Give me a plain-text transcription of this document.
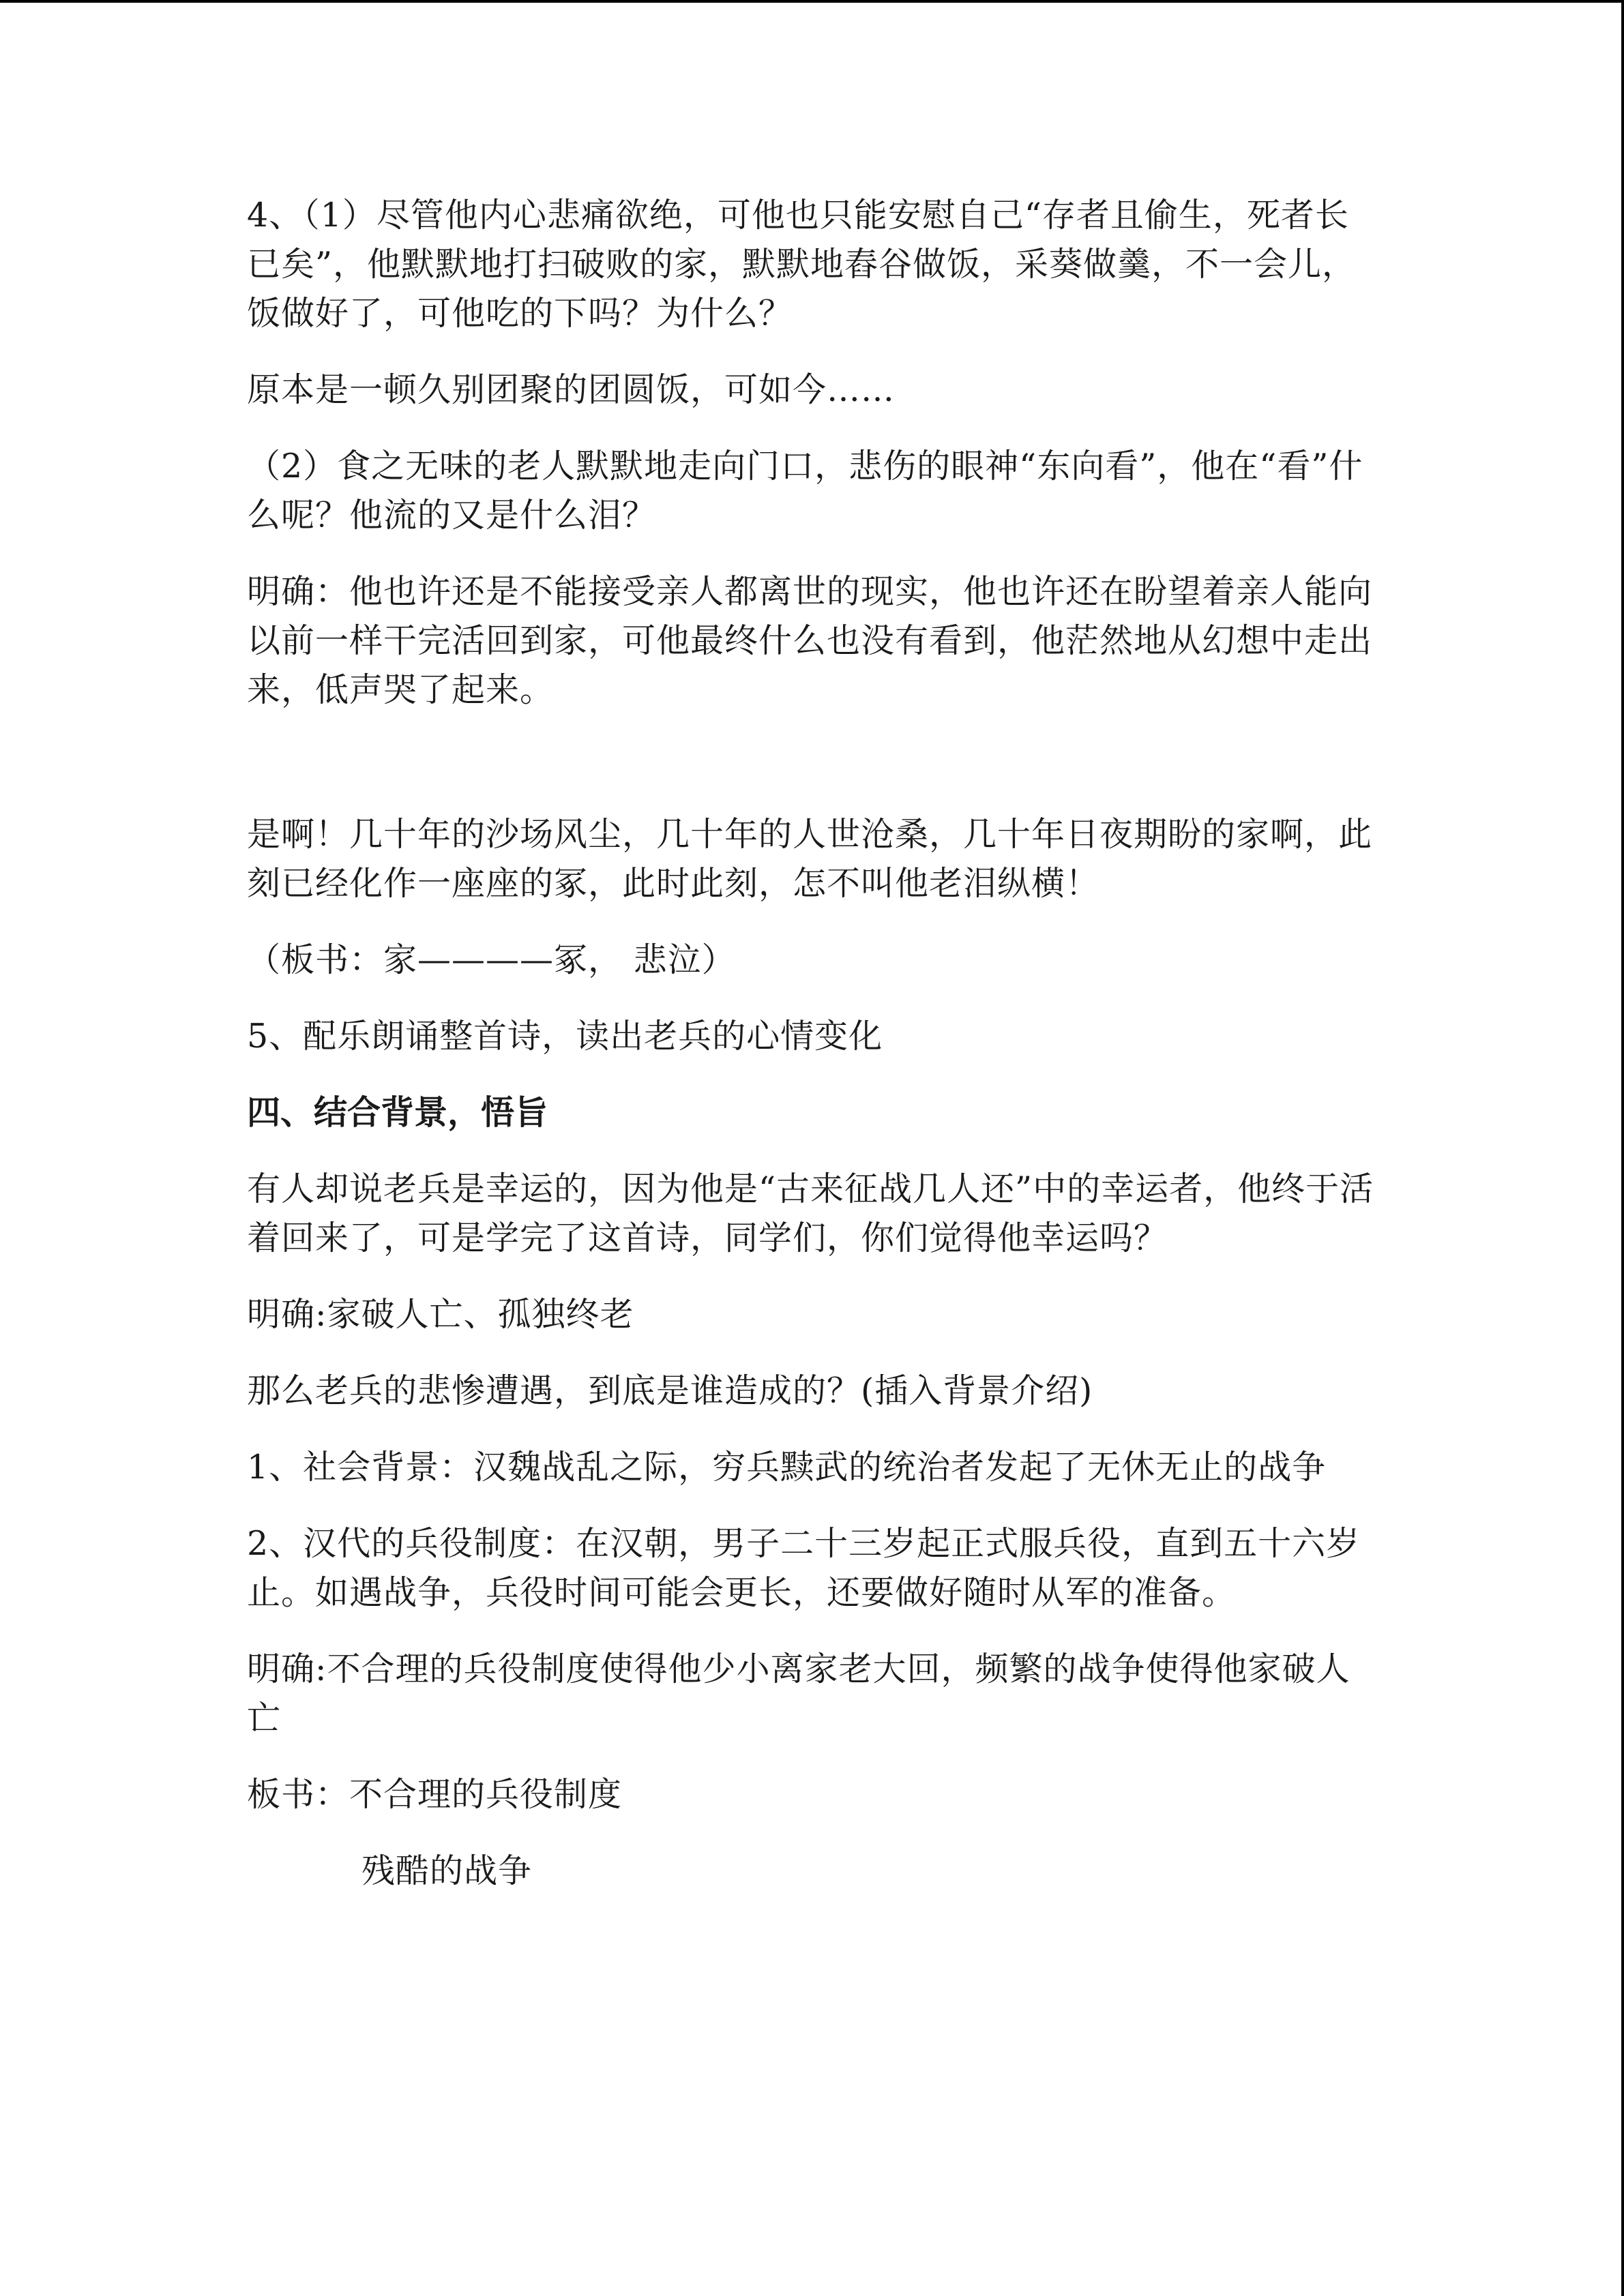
4、（1）尽管他内心悲痛欲绝，可他也只能安慰自己“存者且偷生，死者长已矣”，他默默地打扫破败的家，默默地舂谷做饭，采葵做羹，不一会儿，饭做好了，可他吃的下吗？为什么？

原本是一顿久别团聚的团圆饭，可如今……

（2）食之无味的老人默默地走向门口，悲伤的眼神“东向看”，他在“看”什么呢？他流的又是什么泪？

明确：他也许还是不能接受亲人都离世的现实，他也许还在盼望着亲人能向以前一样干完活回到家，可他最终什么也没有看到，他茫然地从幻想中走出来，低声哭了起来。

是啊！几十年的沙场风尘，几十年的人世沧桑，几十年日夜期盼的家啊，此刻已经化作一座座的冢，此时此刻，怎不叫他老泪纵横！

（板书：家————冢， 悲泣）

5、配乐朗诵整首诗，读出老兵的心情变化

四、结合背景，悟旨

有人却说老兵是幸运的，因为他是“古来征战几人还”中的幸运者，他终于活着回来了，可是学完了这首诗，同学们，你们觉得他幸运吗？

明确:家破人亡、孤独终老

那么老兵的悲惨遭遇，到底是谁造成的？(插入背景介绍)

1、社会背景：汉魏战乱之际，穷兵黩武的统治者发起了无休无止的战争

2、汉代的兵役制度：在汉朝，男子二十三岁起正式服兵役，直到五十六岁止。如遇战争，兵役时间可能会更长，还要做好随时从军的准备。

明确:不合理的兵役制度使得他少小离家老大回，频繁的战争使得他家破人亡

板书：不合理的兵役制度

残酷的战争
